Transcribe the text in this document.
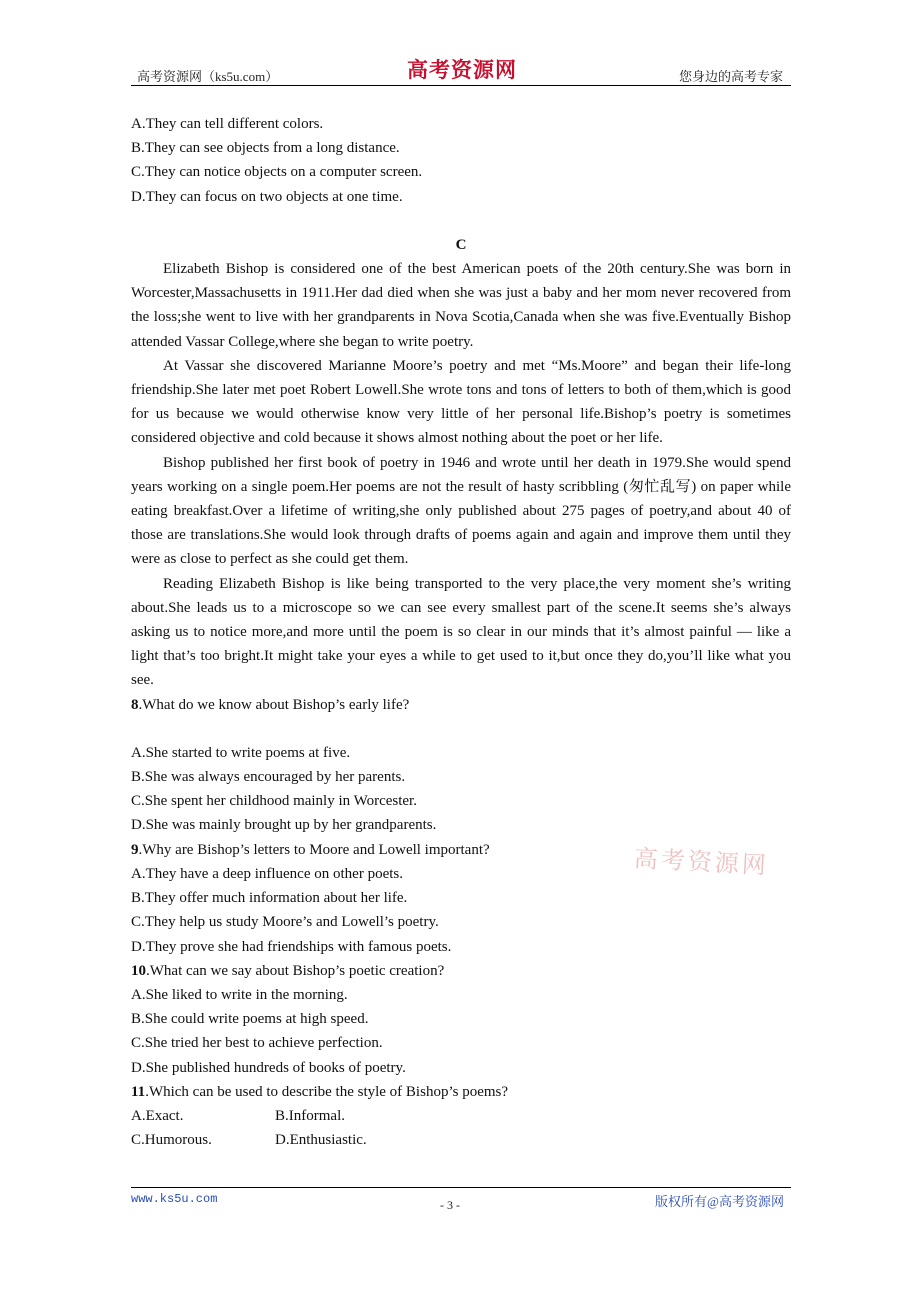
高考资源网（ks5u.com）	高考资源网	您身边的高考专家
A.They can tell different colors.
B.They can see objects from a long distance.
C.They can notice objects on a computer screen.
D.They can focus on two objects at one time.
C

Elizabeth Bishop is considered one of the best American poets of the 20th century.She was born in Worcester,Massachusetts in 1911.Her dad died when she was just a baby and her mom never recovered from the loss;she went to live with her grandparents in Nova Scotia,Canada when she was five.Eventually Bishop attended Vassar College,where she began to write poetry.

At Vassar she discovered Marianne Moore’s poetry and met “Ms.Moore” and began their life-long friendship.She later met poet Robert Lowell.She wrote tons and tons of letters to both of them,which is good for us because we would otherwise know very little of her personal life.Bishop’s poetry is sometimes considered objective and cold because it shows almost nothing about the poet or her life.

Bishop published her first book of poetry in 1946 and wrote until her death in 1979.She would spend years working on a single poem.Her poems are not the result of hasty scribbling (匆忙乱写) on paper while eating breakfast.Over a lifetime of writing,she only published about 275 pages of poetry,and about 40 of those are translations.She would look through drafts of poems again and again and improve them until they were as close to perfect as she could get them.

Reading Elizabeth Bishop is like being transported to the very place,the very moment she’s writing about.She leads us to a microscope so we can see every smallest part of the scene.It seems she’s always asking us to notice more,and more until the poem is so clear in our minds that it’s almost painful — like a light that’s too bright.It might take your eyes a while to get used to it,but once they do,you’ll like what you see.

8.What do we know about Bishop’s early life?
A.She started to write poems at five.
B.She was always encouraged by her parents.
C.She spent her childhood mainly in Worcester.
D.She was mainly brought up by her grandparents.
9.Why are Bishop’s letters to Moore and Lowell important?
A.They have a deep influence on other poets.
B.They offer much information about her life.
C.They help us study Moore’s and Lowell’s poetry.
D.They prove she had friendships with famous poets.
10.What can we say about Bishop’s poetic creation?
A.She liked to write in the morning.
B.She could write poems at high speed.
C.She tried her best to achieve perfection.
D.She published hundreds of books of poetry.
11.Which can be used to describe the style of Bishop’s poems?
A.Exact.	B.Informal.
C.Humorous.	D.Enthusiastic.
高考资源网
www.ks5u.com	- 3 -	版权所有@高考资源网
